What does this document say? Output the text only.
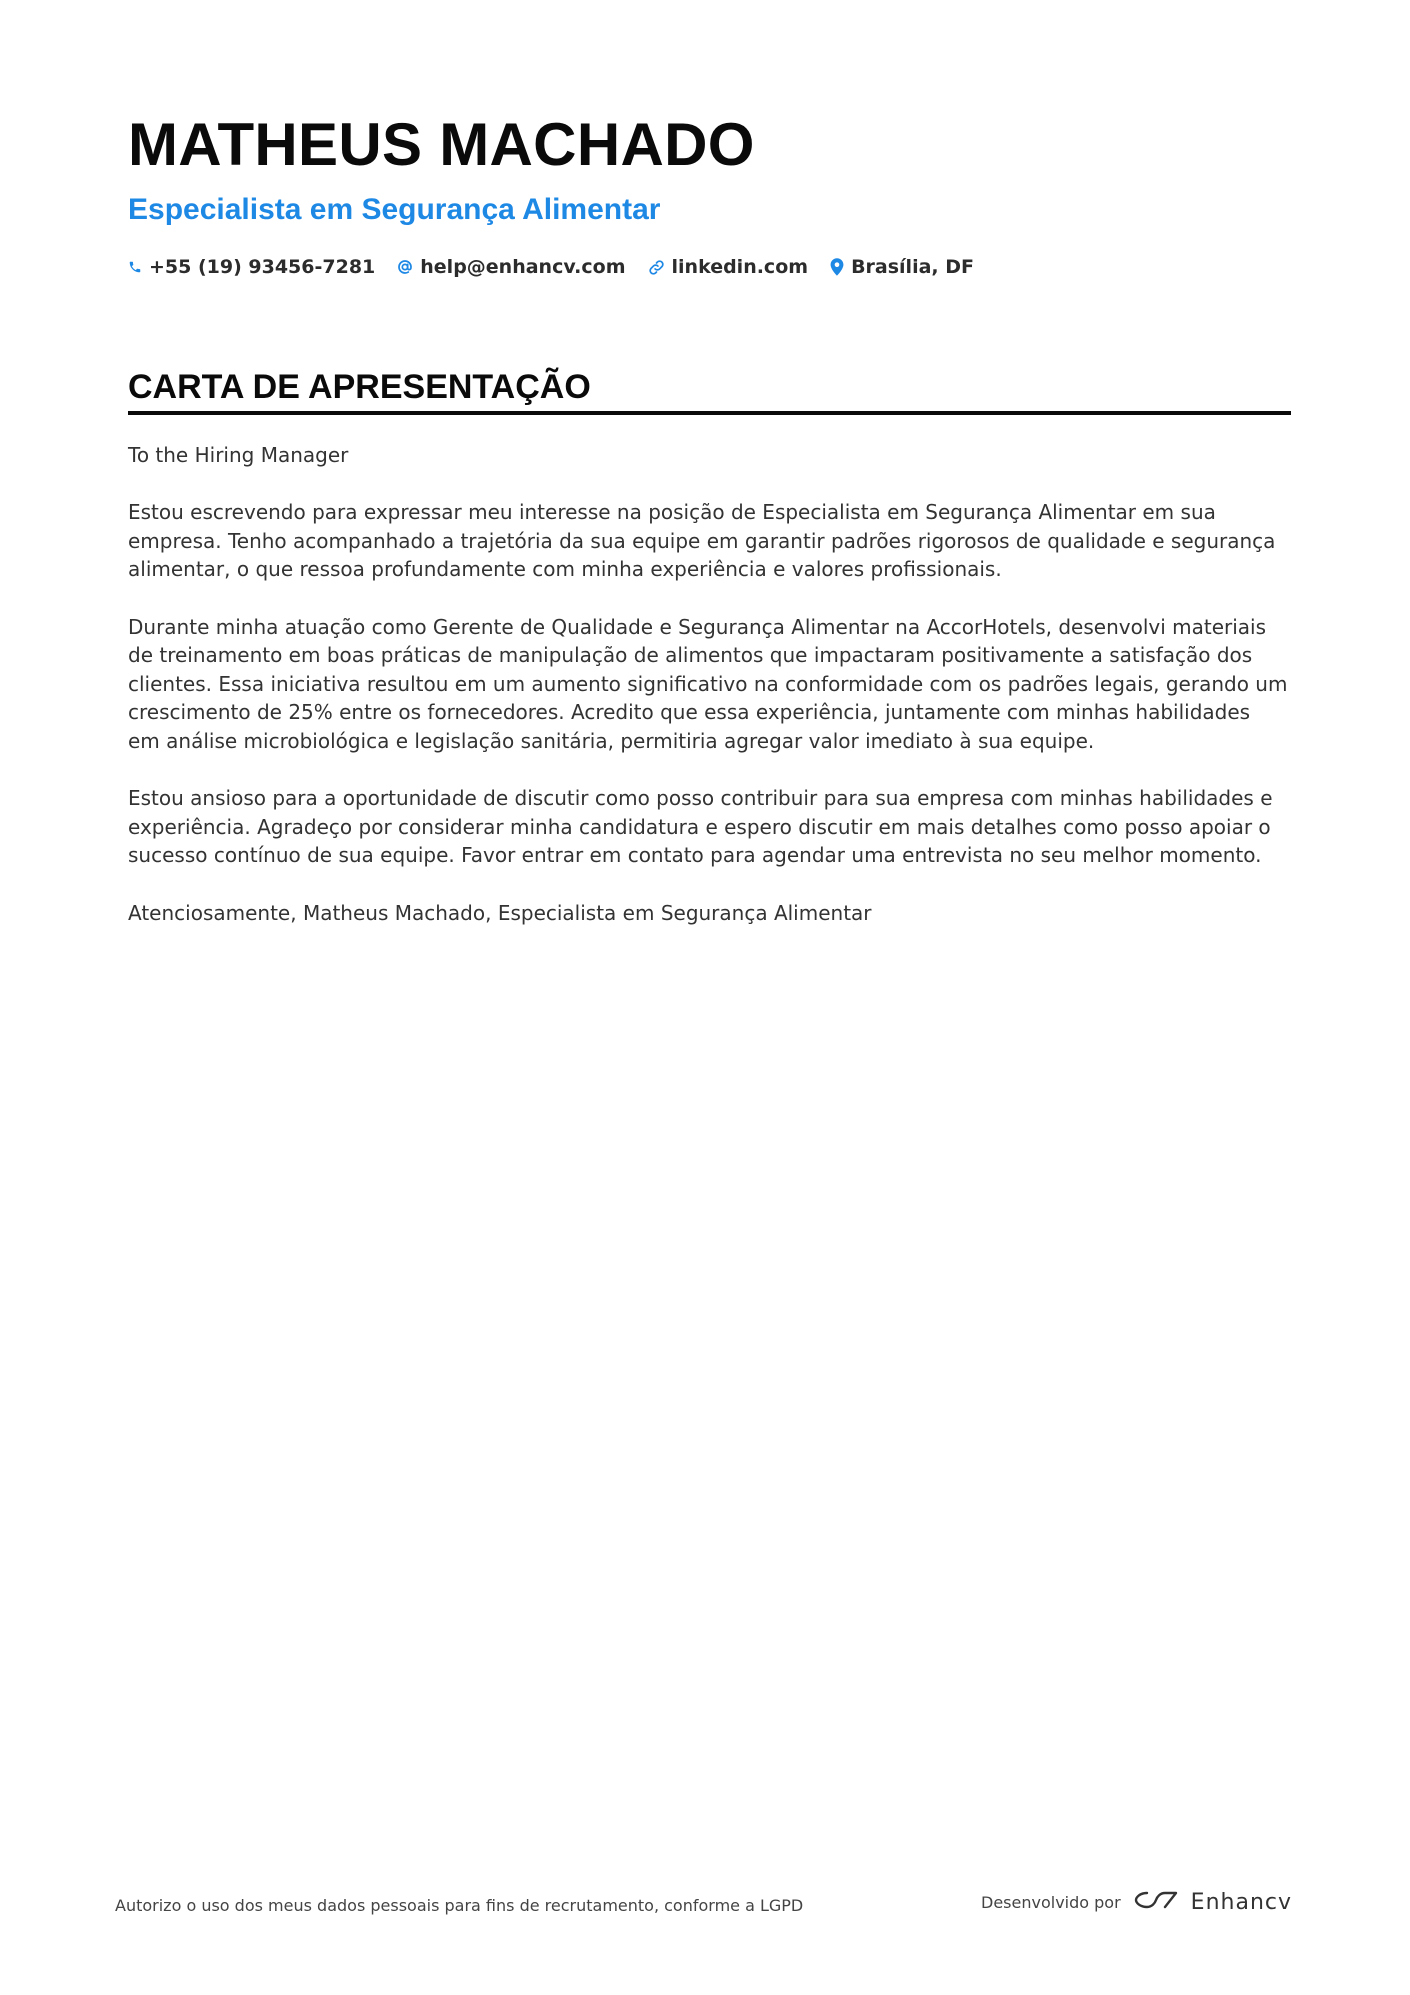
MATHEUS MACHADO
Especialista em Segurança Alimentar
+55 (19) 93456-7281 help@enhancv.com linkedin.com Brasília, DF
CARTA DE APRESENTAÇÃO

To the Hiring Manager

Estou escrevendo para expressar meu interesse na posição de Especialista em Segurança Alimentar em sua empresa. Tenho acompanhado a trajetória da sua equipe em garantir padrões rigorosos de qualidade e segurança alimentar, o que ressoa profundamente com minha experiência e valores profissionais.

Durante minha atuação como Gerente de Qualidade e Segurança Alimentar na AccorHotels, desenvolvi materiais de treinamento em boas práticas de manipulação de alimentos que impactaram positivamente a satisfação dos clientes. Essa iniciativa resultou em um aumento significativo na conformidade com os padrões legais, gerando um crescimento de 25% entre os fornecedores. Acredito que essa experiência, juntamente com minhas habilidades em análise microbiológica e legislação sanitária, permitiria agregar valor imediato à sua equipe.

Estou ansioso para a oportunidade de discutir como posso contribuir para sua empresa com minhas habilidades e experiência. Agradeço por considerar minha candidatura e espero discutir em mais detalhes como posso apoiar o sucesso contínuo de sua equipe. Favor entrar em contato para agendar uma entrevista no seu melhor momento.

Atenciosamente, Matheus Machado, Especialista em Segurança Alimentar

Autorizo o uso dos meus dados pessoais para fins de recrutamento, conforme a LGPD	Desenvolvido por	Enhancv
